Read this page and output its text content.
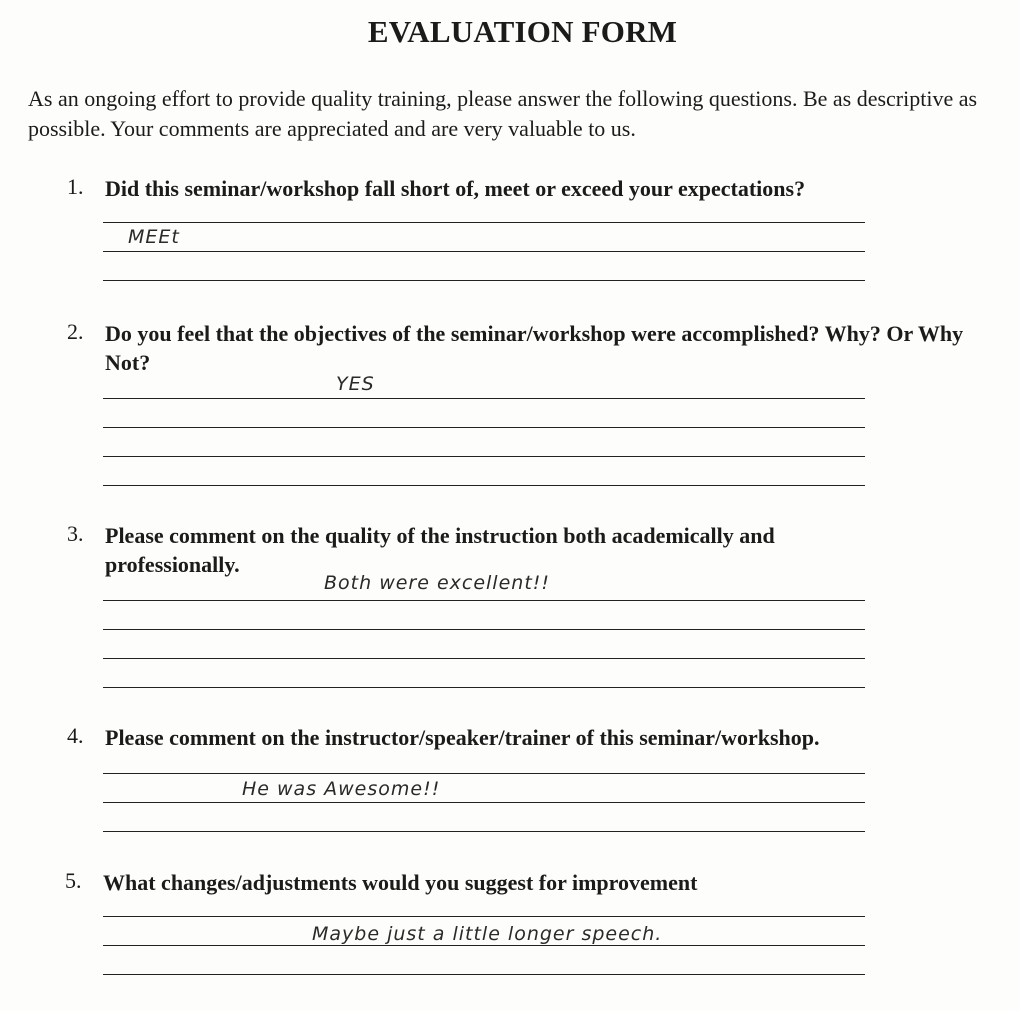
EVALUATION FORM
As an ongoing effort to provide quality training, please answer the following questions. Be as descriptive as possible. Your comments are appreciated and are very valuable to us.
1. Did this seminar/workshop fall short of, meet or exceed your expectations?
MEEt
2. Do you feel that the objectives of the seminar/workshop were accomplished? Why? Or Why Not?
YES
3. Please comment on the quality of the instruction both academically and professionally.
Both were excellent!!
4. Please comment on the instructor/speaker/trainer of this seminar/workshop.
He was Awesome!!
5. What changes/adjustments would you suggest for improvement
Maybe just a little longer speech.
